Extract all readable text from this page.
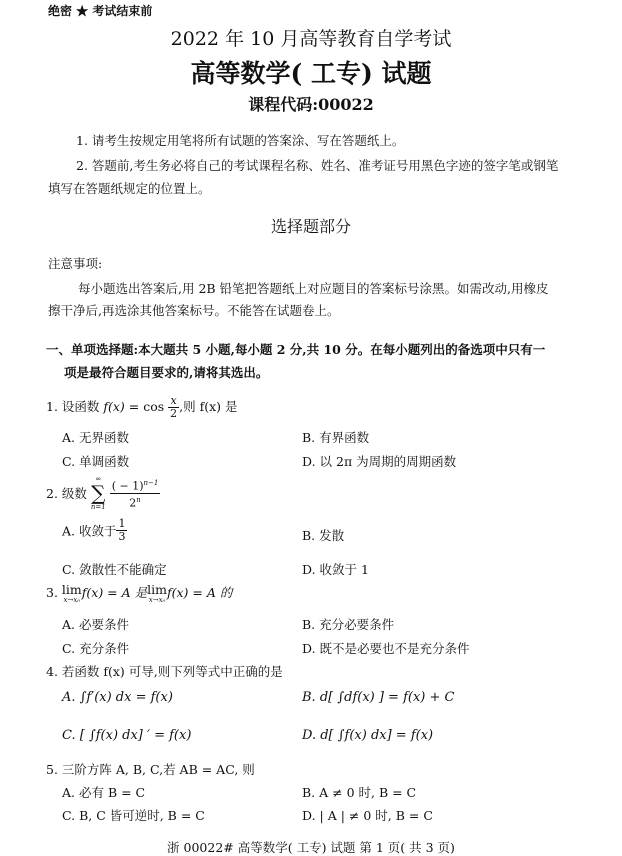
绝密 ★ 考试结束前
2022 年 10 月高等教育自学考试
高等数学( 工专) 试题
课程代码:00022
1. 请考生按规定用笔将所有试题的答案涂、写在答题纸上。
2. 答题前,考生务必将自己的考试课程名称、姓名、准考证号用黑色字迹的签字笔或钢笔
填写在答题纸规定的位置上。
选择题部分
注意事项:
每小题选出答案后,用 2B 铅笔把答题纸上对应题目的答案标号涂黑。如需改动,用橡皮
擦干净后,再选涂其他答案标号。不能答在试题卷上。
一、单项选择题:本大题共 5 小题,每小题 2 分,共 10 分。在每小题列出的备选项中只有一
项是最符合题目要求的,请将其选出。
1. 设函数 $f(x) = \cos \frac{x}{2}$ ,则 f(x) 是
A. 无界函数	B. 有界函数
C. 单调函数	D. 以 2π 为周期的周期函数
2. 级数
∞
∑
n=1
$\frac{( - 1)^{n-1}}{2^n}$
A. 收敛于 $\frac{1}{3}$	B. 发散
C. 敛散性不能确定	D. 收敛于 1
3. lim
x→x₀ f(x) = A 是 lim
x→x₀ f(x) = A 的
A. 必要条件	B. 充分必要条件
C. 充分条件	D. 既不是必要也不是充分条件
4. 若函数 f(x) 可导,则下列等式中正确的是
A. ∫f′(x) dx = f(x)	B. d[ ∫df(x) ] = f(x) + C
C. [ ∫f(x) dx] ′ = f(x)	D. d[ ∫f(x) dx] = f(x)
5. 三阶方阵 A, B, C,若 AB = AC, 则
A. 必有 B = C	B. A ≠ 0 时, B = C
C. B, C 皆可逆时, B = C	D. | A | ≠ 0 时, B = C
浙 00022# 高等数学( 工专) 试题 第 1 页( 共 3 页)
